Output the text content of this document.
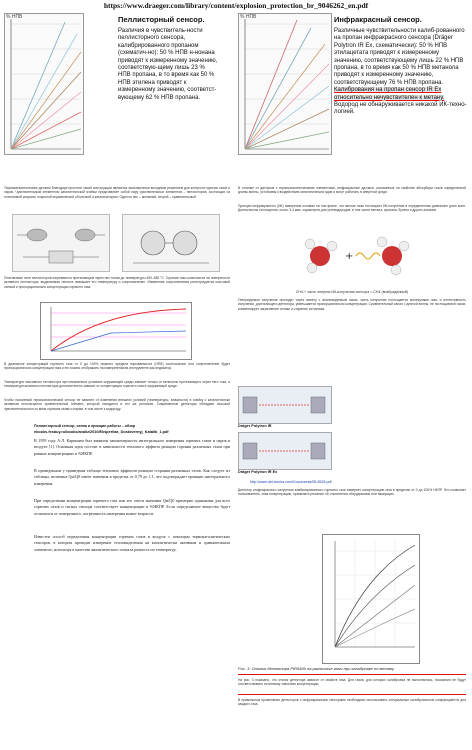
https://www.draeger.com/library/content/explosion_protection_br_9046262_en.pdf
% НПВ	Пеллисторный сенсор.
Различия в чувствитель-ности пеллисторного сенсора, калибрированного пропаном (схематич-но): 50 % НПВ н-нонана приводят к измеренному значению, соответствую-щему лишь 23 % НПВ пропана, в то время как 50 % НПВ этилена приводят к измеренному значению, соответст-вующему 62 % НПВ пропана.
% НПВ	Инфракрасный сенсор.
Различные чувствительности калиб-рованного на пропан инфракрасного сенсора (Dräger Polytron IR Ex, схематически): 50 % НПВ этилацетата приводят к измеренному значению, соответствующему лишь 22 % НПВ пропана, в то время как 50 % НПВ метанола приводят к измеренному значению, соответствующему 76 % НПВ пропана. Калибрования на пропан сенсор IR Ex относительно нечувствителен к метану. Водород не обнаруживается никакой ИК-техно-логией.
Термокаталитические датчики благодаря простоте своей конструкции являются экономически выгодным решением для контроля горючих газов и паров. Чувствительным элементом каталитической ячейки представляет собой пару чувствительных элементов – пеллисторов, состоящих из платиновой спирали, покрытой керамической оболочкой и катализатором. Один из них – активный, второй – сравнительный.
Платиновые нити пеллисторов нагреваются протекающим через них током до температуры 450–550 °C. Горючие газы окисляются на поверхности активного пеллистора, выделяемая теплота повышает его температуру и сопротивление. Изменение сопротивления регистрируется мостовой схемой и пропорционально концентрации горючего газа.
В диапазоне концентраций горючего газа от 0 до 100% нижнего предела взрываемости (НПВ) соотношение или сопротивление будет пропорционально концентрации газа и его можно отображать на измерительном инструменте как индикатор.
Температура пассивного пеллистора при неизменных условиях окружающей среды зависит только от величины протекающего через него тока, а температура активного пеллистора дополнительно зависит от концентрации горючего газа в окружающей среде.
Чтобы пассивный термокаталический сенсор не зависел от изменения внешних условий (температуры, влажности) в ячейку с каталитически активным используется сравнительный элемент, который находится в тех же условиях. Современные детекторы обладают высокой чувствительностью ко всем горючим газам и парам, в том числе к водороду.
Пеллисторный сенсор, схема и принцип работы – обзор
ebooks.fesbuy.ru/books/analiz/2010/Ekspertiza_Dostovernyj_Katalib_1.pdf
В 1959 году А.Л. Карпинен был выявлен закономерность интегрального измерения горючих газов и паров в воздухе [1]. Основная идея состоит в зависимости теплового эффекта реакции горения различных газов при равных концентрациях в %НКПР.
В приведенном у приведены таблица тепловых эффектов реакции сгорания различных газов. Как следует из таблицы, величина Qм/Q0 имеет значения в пределах от 0,79 до 1,1, что подтверждает принцип интегрального измерения.
При определении концентрации горючего газа или его смеси значения Qм/Q0 примерно одинаковы для всех горючих газов и сигнал сенсора соответствует концентрации в %НКПР. Если определяемое вещество будет отличаться от поверочного, погрешность измерения может возрасти.
Известен способ определения концентрации горючих газов в воздухе с помощью термокаталитических сенсоров, в котором проводят измерение тепловыделения на каталитически активном и сравнительном элементах, используя в качестве аналитического сигнала разность их температур.
В отличие от датчиков с термокаталитическими элементами, инфракрасные датчики, основанные на свойстве абсорбции газов определенной длины волны, устойчивы к воздействию каталитических ядов и могут работать в инертной среде.
Принцип инфракрасного (ИК) измерения основан на том факте, что многие газы поглощают ИК-излучение в определенном диапазоне длин волн. Длина волны поглощения, около 3,4 мкм, характерна для углеводородов, в том числе метана, пропана, бутана и других алканов.
+
СН4 + часть энергии ИК-излучения сенсора = СН4 (возбужденный)
Генерируемое излучение проходит через кювету с анализируемым газом, часть излучения поглощается молекулами газа, и интенсивность излучения, достигающего детектора, уменьшается пропорционально концентрации. Сравнительный канал с длиной волны, не поглощаемой газом, компенсирует загрязнение оптики и старение источника.
Dräger Polytron IR
Dräger Polytron IR Ex
http://www.det-tronics.com/Documents/95-8526.pdf
Детектор инфракрасного излучения комбинированного горючего газа измеряет концентрацию газа в пределах от 0 до 100% НКПР. Это позволяет пользователю, зная концентрацию, принимать решение об отключении оборудования или эвакуации.
Рис. 3: Отклик детектора PIR9400 на различные газы при калибровке по метану
На рис. 3 показано, что отклик детектора зависит от свойств газа. Для газов, для которых калибровка не выполнялась, показания не будут соответствовать истинному значению концентрации.
В правильном применении детекторов с инфракрасными сенсорами необходимо использовать специальные калибровочные коэффициенты для каждого газа.
